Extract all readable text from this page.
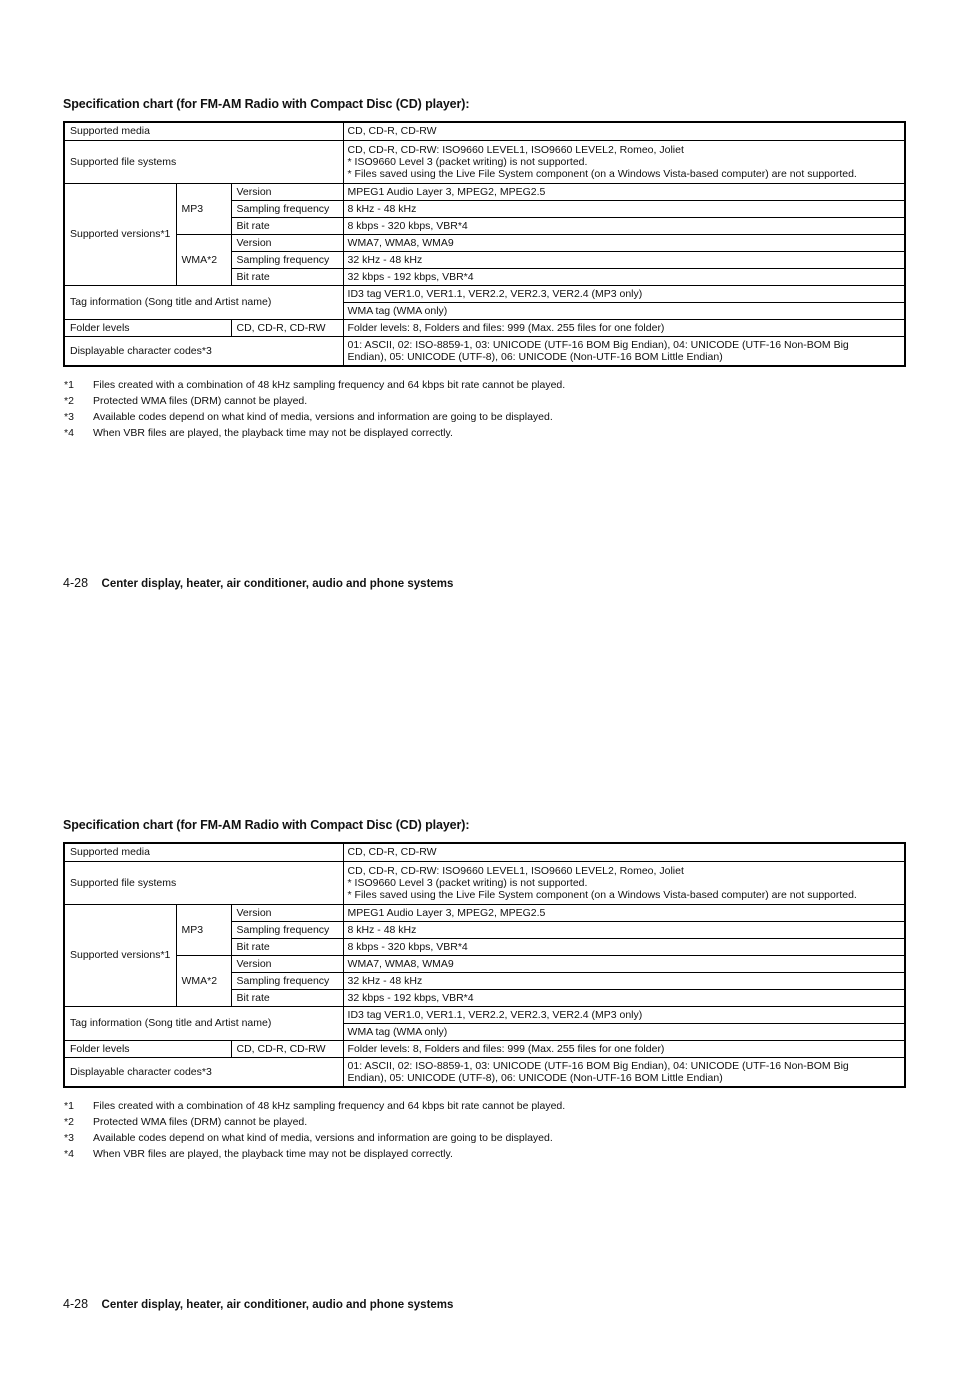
Specification chart (for FM-AM Radio with Compact Disc (CD) player):
Supported media			CD, CD-R, CD-RW
Supported file systems			CD, CD-R, CD-RW: ISO9660 LEVEL1, ISO9660 LEVEL2, Romeo, Joliet
* ISO9660 Level 3 (packet writing) is not supported.
* Files saved using the Live File System component (on a Windows Vista-based computer) are not supported.

Supported versions*1	MP3	Version	MPEG1 Audio Layer 3, MPEG2, MPEG2.5
		Sampling frequency	8 kHz - 48 kHz
		Bit rate	8 kbps - 320 kbps, VBR*4
	WMA*2	Version	WMA7, WMA8, WMA9
		Sampling frequency	32 kHz - 48 kHz
		Bit rate	32 kbps - 192 kbps, VBR*4
Tag information (Song title and Artist name)			ID3 tag VER1.0, VER1.1, VER2.2, VER2.3, VER2.4 (MP3 only)
			WMA tag (WMA only)
Folder levels		CD, CD-R, CD-RW	Folder levels: 8, Folders and files: 999 (Max. 255 files for one folder)
Displayable character codes*3			01: ASCII, 02: ISO-8859-1, 03: UNICODE (UTF-16 BOM Big Endian), 04: UNICODE (UTF-16 Non-BOM Big
Endian), 05: UNICODE (UTF-8), 06: UNICODE (Non-UTF-16 BOM Little Endian)
*1	Files created with a combination of 48 kHz sampling frequency and 64 kbps bit rate cannot be played.
*2	Protected WMA files (DRM) cannot be played.
*3	Available codes depend on what kind of media, versions and information are going to be displayed.
*4	When VBR files are played, the playback time may not be displayed correctly.
4-28 Center display, heater, air conditioner, audio and phone systems
Specification chart (for FM-AM Radio with Compact Disc (CD) player):
Supported media			CD, CD-R, CD-RW
Supported file systems			CD, CD-R, CD-RW: ISO9660 LEVEL1, ISO9660 LEVEL2, Romeo, Joliet
* ISO9660 Level 3 (packet writing) is not supported.
* Files saved using the Live File System component (on a Windows Vista-based computer) are not supported.

Supported versions*1	MP3	Version	MPEG1 Audio Layer 3, MPEG2, MPEG2.5
		Sampling frequency	8 kHz - 48 kHz
		Bit rate	8 kbps - 320 kbps, VBR*4
	WMA*2	Version	WMA7, WMA8, WMA9
		Sampling frequency	32 kHz - 48 kHz
		Bit rate	32 kbps - 192 kbps, VBR*4
Tag information (Song title and Artist name)			ID3 tag VER1.0, VER1.1, VER2.2, VER2.3, VER2.4 (MP3 only)
			WMA tag (WMA only)
Folder levels		CD, CD-R, CD-RW	Folder levels: 8, Folders and files: 999 (Max. 255 files for one folder)
Displayable character codes*3			01: ASCII, 02: ISO-8859-1, 03: UNICODE (UTF-16 BOM Big Endian), 04: UNICODE (UTF-16 Non-BOM Big
Endian), 05: UNICODE (UTF-8), 06: UNICODE (Non-UTF-16 BOM Little Endian)
*1	Files created with a combination of 48 kHz sampling frequency and 64 kbps bit rate cannot be played.
*2	Protected WMA files (DRM) cannot be played.
*3	Available codes depend on what kind of media, versions and information are going to be displayed.
*4	When VBR files are played, the playback time may not be displayed correctly.
4-28 Center display, heater, air conditioner, audio and phone systems
